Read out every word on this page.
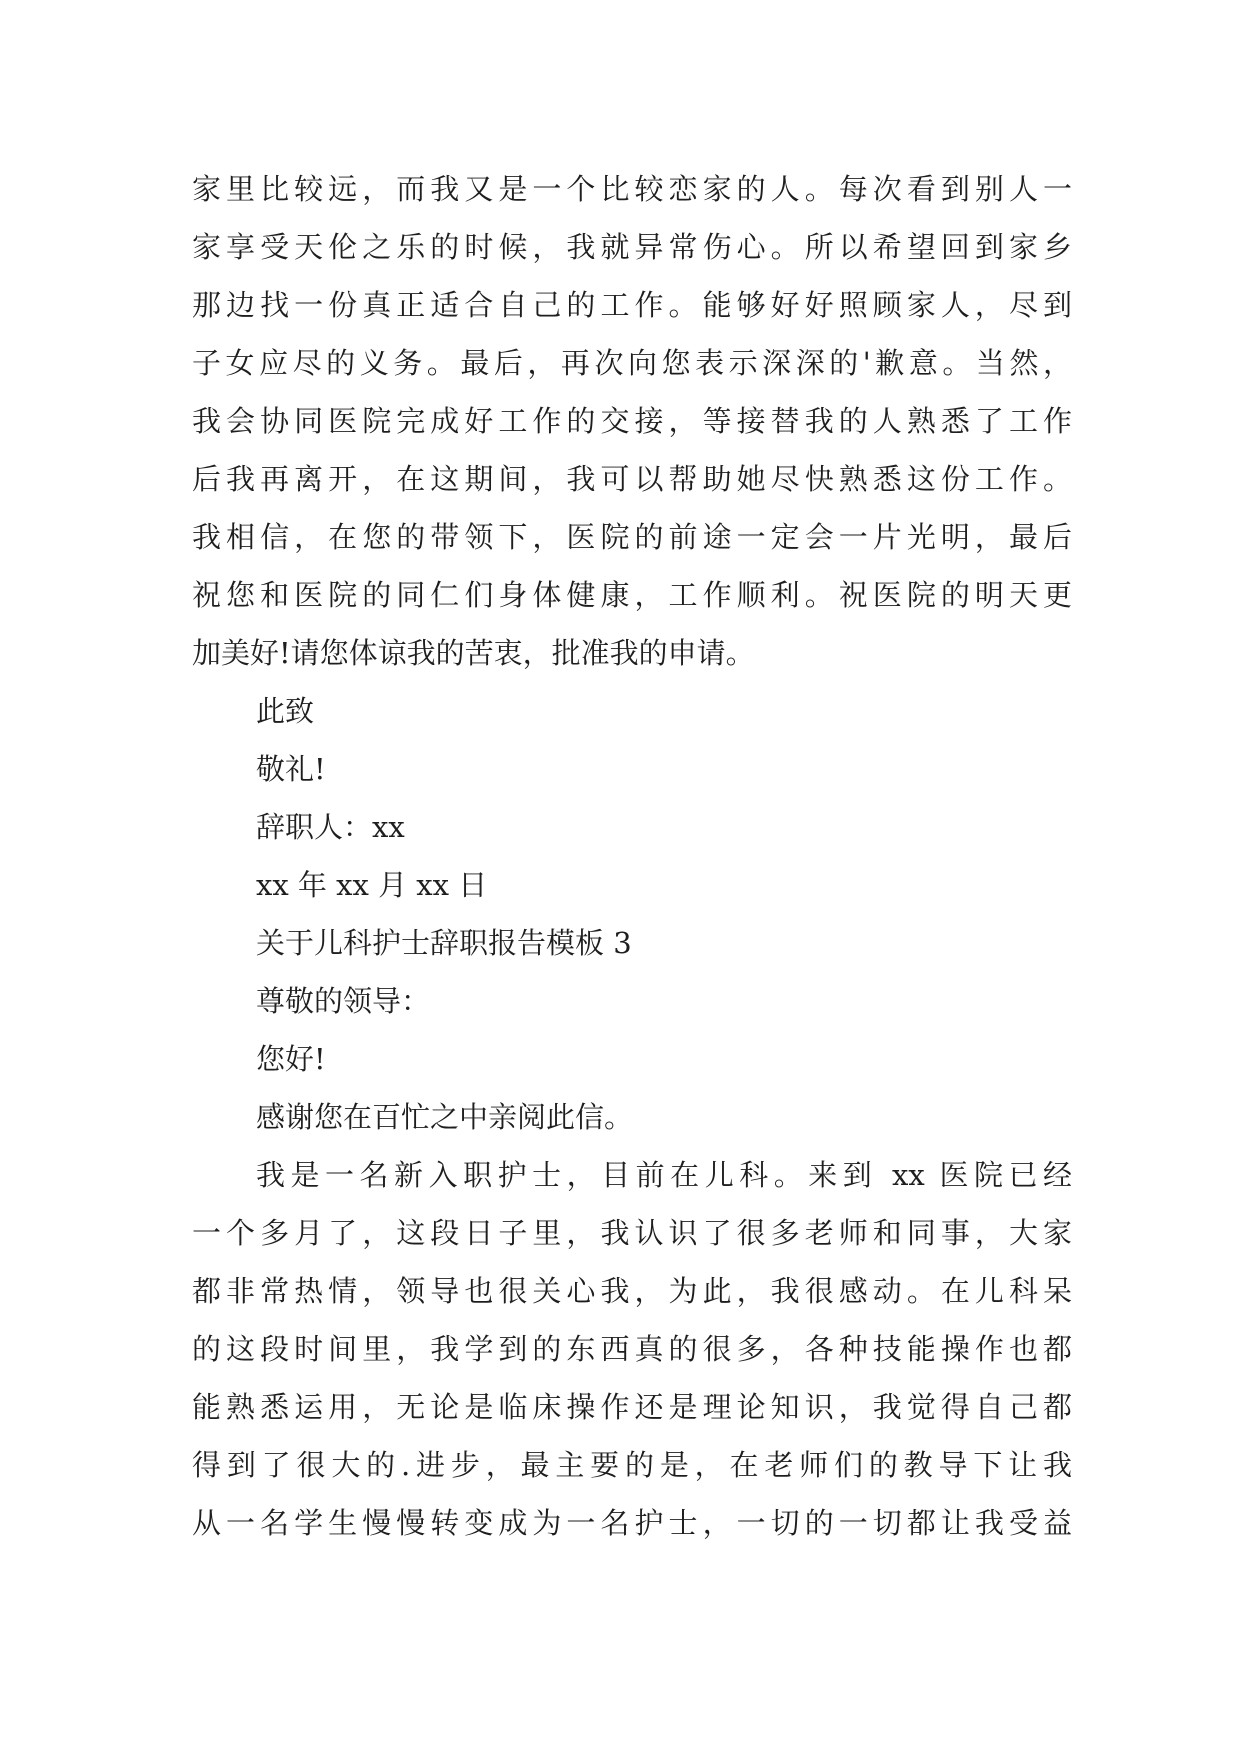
家里比较远，而我又是一个比较恋家的人。每次看到别人一
家享受天伦之乐的时候，我就异常伤心。所以希望回到家乡
那边找一份真正适合自己的工作。能够好好照顾家人，尽到
子女应尽的义务。最后，再次向您表示深深的'歉意。当然，
我会协同医院完成好工作的交接，等接替我的人熟悉了工作
后我再离开，在这期间，我可以帮助她尽快熟悉这份工作。
我相信，在您的带领下，医院的前途一定会一片光明，最后
祝您和医院的同仁们身体健康，工作顺利。祝医院的明天更
加美好!请您体谅我的苦衷，批准我的申请。
此致
敬礼!
辞职人：xx
xx 年 xx 月 xx 日
关于儿科护士辞职报告模板 3
尊敬的领导：
您好!
感谢您在百忙之中亲阅此信。
我是一名新入职护士，目前在儿科。来到 xx 医院已经
一个多月了，这段日子里，我认识了很多老师和同事，大家
都非常热情，领导也很关心我，为此，我很感动。在儿科呆
的这段时间里，我学到的东西真的很多，各种技能操作也都
能熟悉运用，无论是临床操作还是理论知识，我觉得自己都
得到了很大的.进步，最主要的是，在老师们的教导下让我
从一名学生慢慢转变成为一名护士，一切的一切都让我受益
